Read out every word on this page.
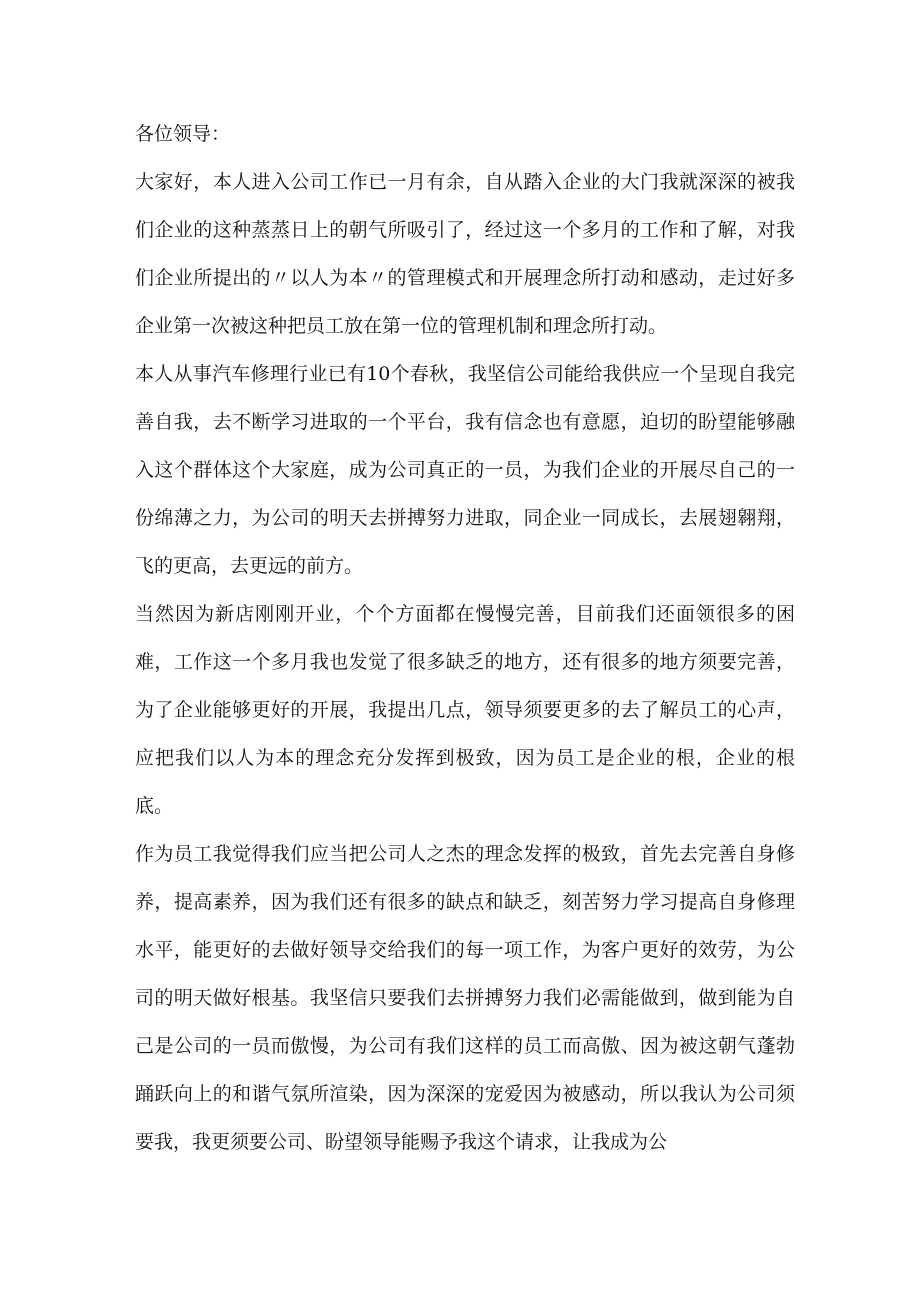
各位领导：

大家好，本人进入公司工作已一月有余，自从踏入企业的大门我就深深的被我们企业的这种蒸蒸日上的朝气所吸引了，经过这一个多月的工作和了解，对我们企业所提出的〃以人为本〃的管理模式和开展理念所打动和感动，走过好多企业第一次被这种把员工放在第一位的管理机制和理念所打动。

本人从事汽车修理行业已有10个春秋，我坚信公司能给我供应一个呈现自我完善自我，去不断学习进取的一个平台，我有信念也有意愿，迫切的盼望能够融入这个群体这个大家庭，成为公司真正的一员，为我们企业的开展尽自己的一份绵薄之力，为公司的明天去拼搏努力进取，同企业一同成长，去展翅翱翔，飞的更高，去更远的前方。

当然因为新店刚刚开业，个个方面都在慢慢完善，目前我们还面领很多的困难，工作这一个多月我也发觉了很多缺乏的地方，还有很多的地方须要完善，为了企业能够更好的开展，我提出几点，领导须要更多的去了解员工的心声，应把我们以人为本的理念充分发挥到极致，因为员工是企业的根，企业的根底。

作为员工我觉得我们应当把公司人之杰的理念发挥的极致，首先去完善自身修养，提高素养，因为我们还有很多的缺点和缺乏，刻苦努力学习提高自身修理水平，能更好的去做好领导交给我们的每一项工作，为客户更好的效劳，为公司的明天做好根基。我坚信只要我们去拼搏努力我们必需能做到，做到能为自己是公司的一员而傲慢，为公司有我们这样的员工而高傲、因为被这朝气蓬勃踊跃向上的和谐气氛所渲染，因为深深的宠爱因为被感动，所以我认为公司须要我，我更须要公司、盼望领导能赐予我这个请求，让我成为公
